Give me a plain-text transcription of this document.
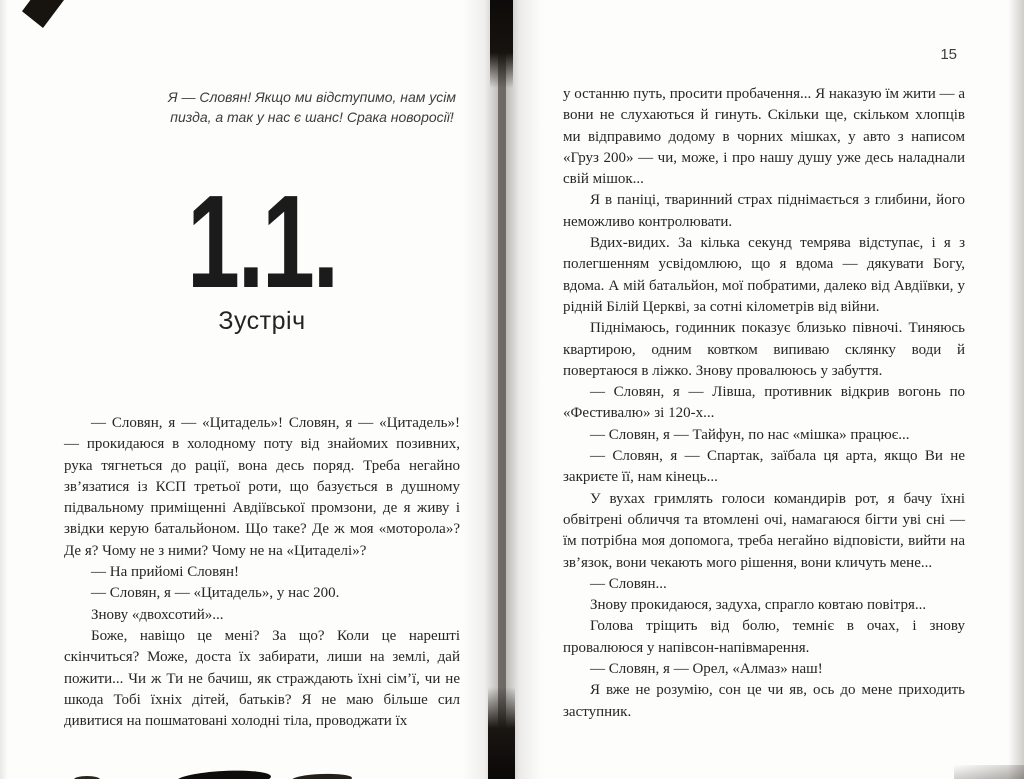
Я — Словян! Якщо ми відступимо, нам усім пизда, а так у нас є шанс! Срака новоросії!
1.1.
Зустріч

— Словян, я — «Цитадель»! Словян, я — «Цитадель»! — прокидаюся в холодному поту від знайомих позивних, рука тягнеться до рації, вона десь поряд. Треба негайно зв’язатися із КСП третьої роти, що базується в душному підвальному приміщенні Авдіївської промзони, де я живу і звідки керую батальйоном. Що таке? Де ж моя «моторола»? Де я? Чому не з ними? Чому не на «Цитаделі»?

— На прийомі Словян!

— Словян, я — «Цитадель», у нас 200.

Знову «двохсотий»...

Боже, навіщо це мені? За що? Коли це нарешті скінчиться? Може, доста їх забирати, лиши на землі, дай пожити... Чи ж Ти не бачиш, як страждають їхні сім’ї, чи не шкода Тобі їхніх дітей, батьків? Я не маю більше сил дивитися на пошматовані холодні тіла, проводжати їх

15

у останню путь, просити пробачення... Я наказую їм жити — а вони не слухаються й гинуть. Скільки ще, скільком хлопців ми відправимо додому в чорних мішках, у авто з написом «Груз 200» — чи, може, і про нашу душу уже десь наладнали свій мішок...

Я в паніці, тваринний страх піднімається з глибини, його неможливо контролювати.

Вдих-видих. За кілька секунд темрява відступає, і я з полегшенням усвідомлюю, що я вдома — дякувати Богу, вдома. А мій батальйон, мої побратими, далеко від Авдіївки, у рідній Білій Церкві, за сотні кілометрів від війни.

Піднімаюсь, годинник показує близько півночі. Тиняюсь квартирою, одним ковтком випиваю склянку води й повертаюся в ліжко. Знову провалююсь у забуття.

— Словян, я — Лівша, противник відкрив вогонь по «Фестивалю» зі 120-х...

— Словян, я — Тайфун, по нас «мішка» працює...

— Словян, я — Спартак, заїбала ця арта, якщо Ви не закриєте її, нам кінець...

У вухах гримлять голоси командирів рот, я бачу їхні обвітрені обличчя та втомлені очі, намагаюся бігти уві сні — їм потрібна моя допомога, треба негайно відповісти, вийти на зв’язок, вони чекають мого рішення, вони кличуть мене...

— Словян...

Знову прокидаюся, задуха, спрагло ковтаю повітря...

Голова тріщить від болю, темніє в очах, і знову провалююся у напівсон-напівмарення.

— Словян, я — Орел, «Алмаз» наш!

Я вже не розумію, сон це чи яв, ось до мене приходить заступник.
